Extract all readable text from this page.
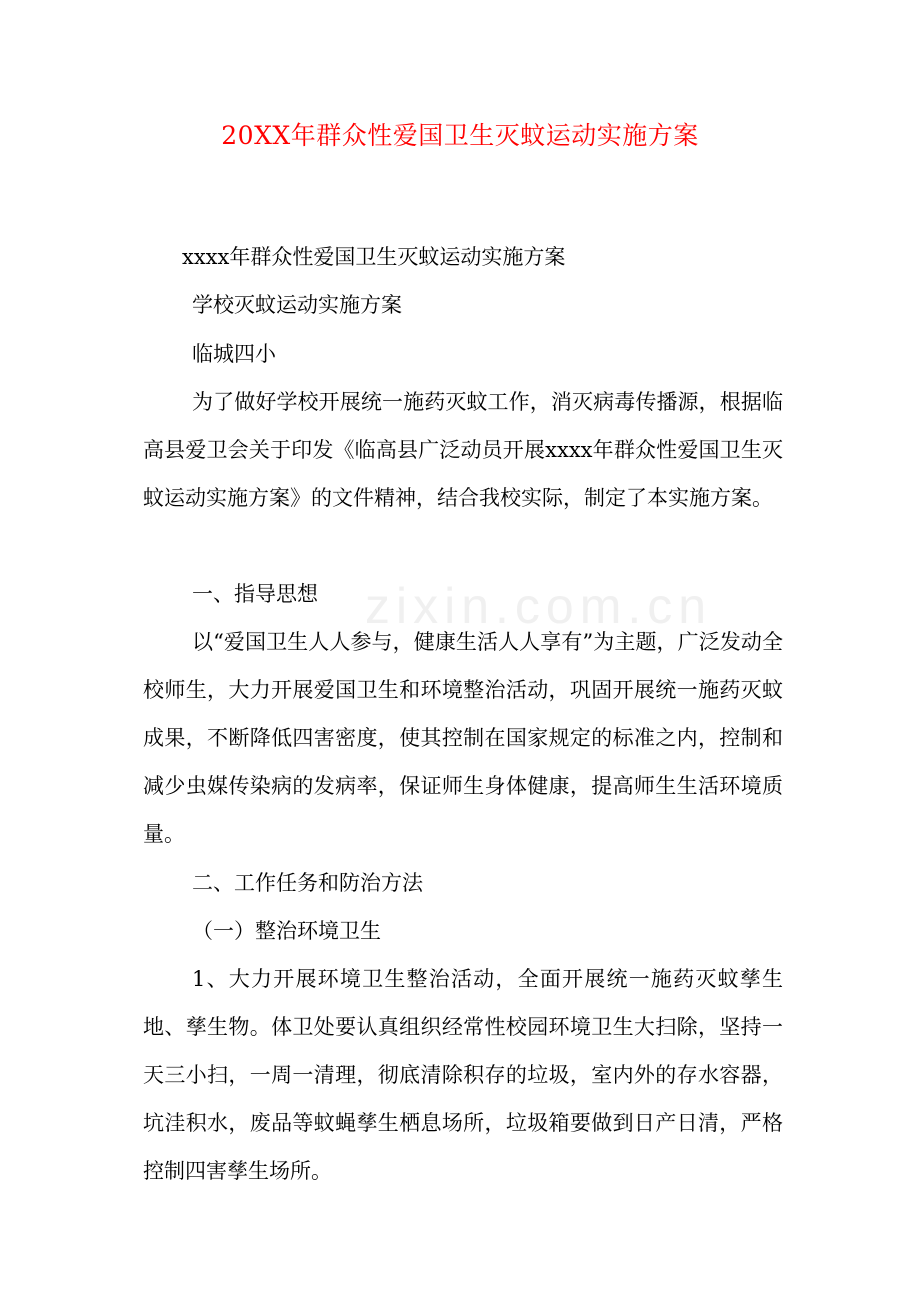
20XX年群众性爱国卫生灭蚊运动实施方案
zixin.com.cn
xxxx年群众性爱国卫生灭蚊运动实施方案
学校灭蚊运动实施方案
临城四小
为了做好学校开展统一施药灭蚊工作，消灭病毒传播源，根据临高县爱卫会关于印发《临高县广泛动员开展xxxx年群众性爱国卫生灭蚊运动实施方案》的文件精神，结合我校实际，制定了本实施方案。
一、指导思想
以“爱国卫生人人参与，健康生活人人享有”为主题，广泛发动全校师生，大力开展爱国卫生和环境整治活动，巩固开展统一施药灭蚊成果，不断降低四害密度，使其控制在国家规定的标准之内，控制和减少虫媒传染病的发病率，保证师生身体健康，提高师生生活环境质量。
二、工作任务和防治方法
（一）整治环境卫生
1、大力开展环境卫生整治活动，全面开展统一施药灭蚊孳生地、孳生物。体卫处要认真组织经常性校园环境卫生大扫除，坚持一天三小扫，一周一清理，彻底清除积存的垃圾，室内外的存水容器，坑洼积水，废品等蚊蝇孳生栖息场所，垃圾箱要做到日产日清，严格控制四害孳生场所。
